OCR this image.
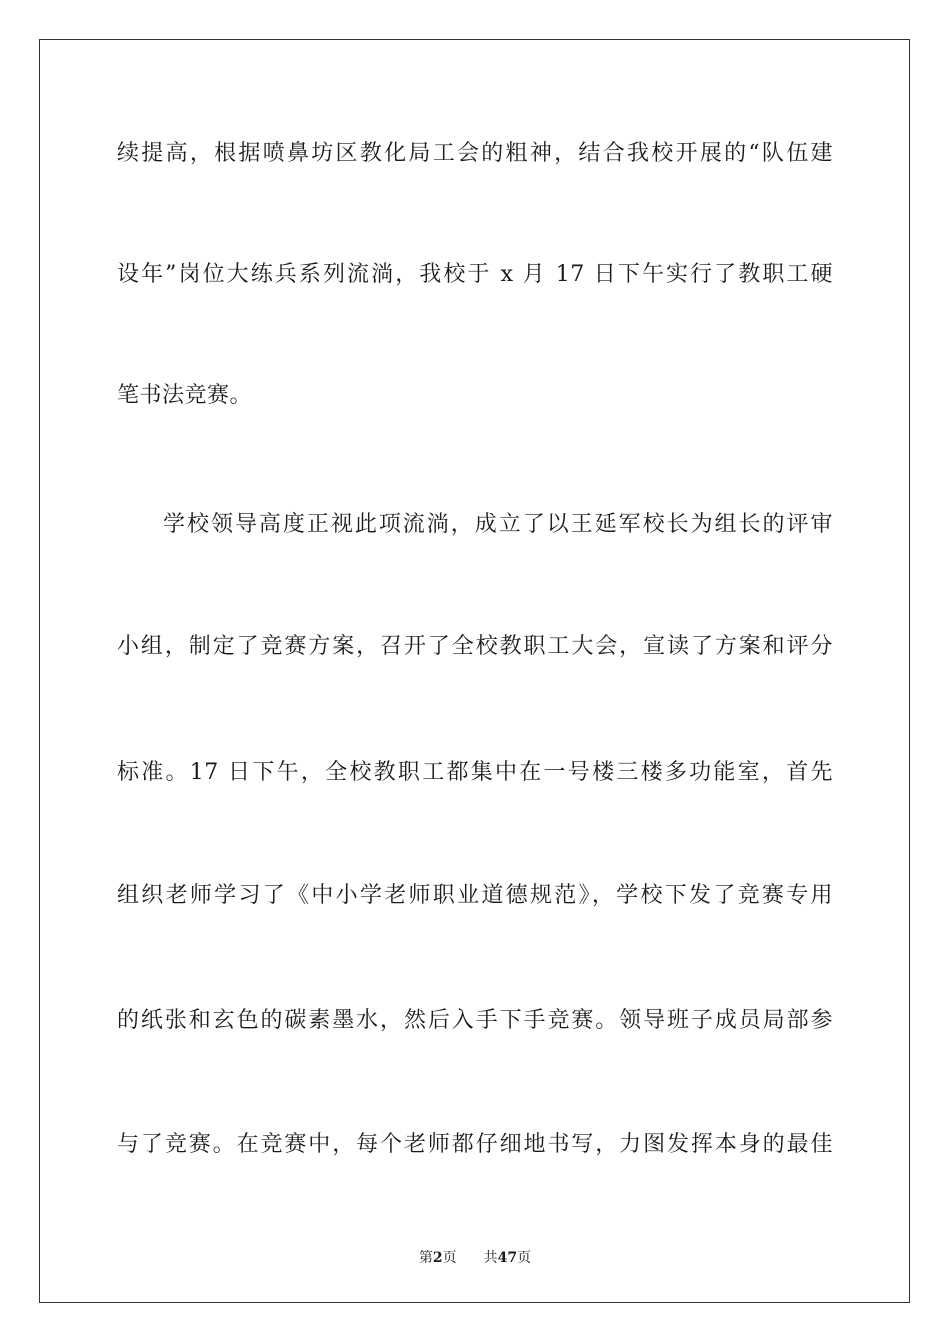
续提高，根据喷鼻坊区教化局工会的粗神，结合我校开展的“队伍建
设年”岗位大练兵系列流淌，我校于 x 月 17 日下午实行了教职工硬
笔书法竞赛。
学校领导高度正视此项流淌，成立了以王延军校长为组长的评审
小组，制定了竞赛方案，召开了全校教职工大会，宣读了方案和评分
标准。17 日下午，全校教职工都集中在一号楼三楼多功能室，首先
组织老师学习了《中小学老师职业道德规范》，学校下发了竞赛专用
的纸张和玄色的碳素墨水，然后入手下手竞赛。领导班子成员局部参
与了竞赛。在竞赛中，每个老师都仔细地书写，力图发挥本身的最佳
第2页 共47页
